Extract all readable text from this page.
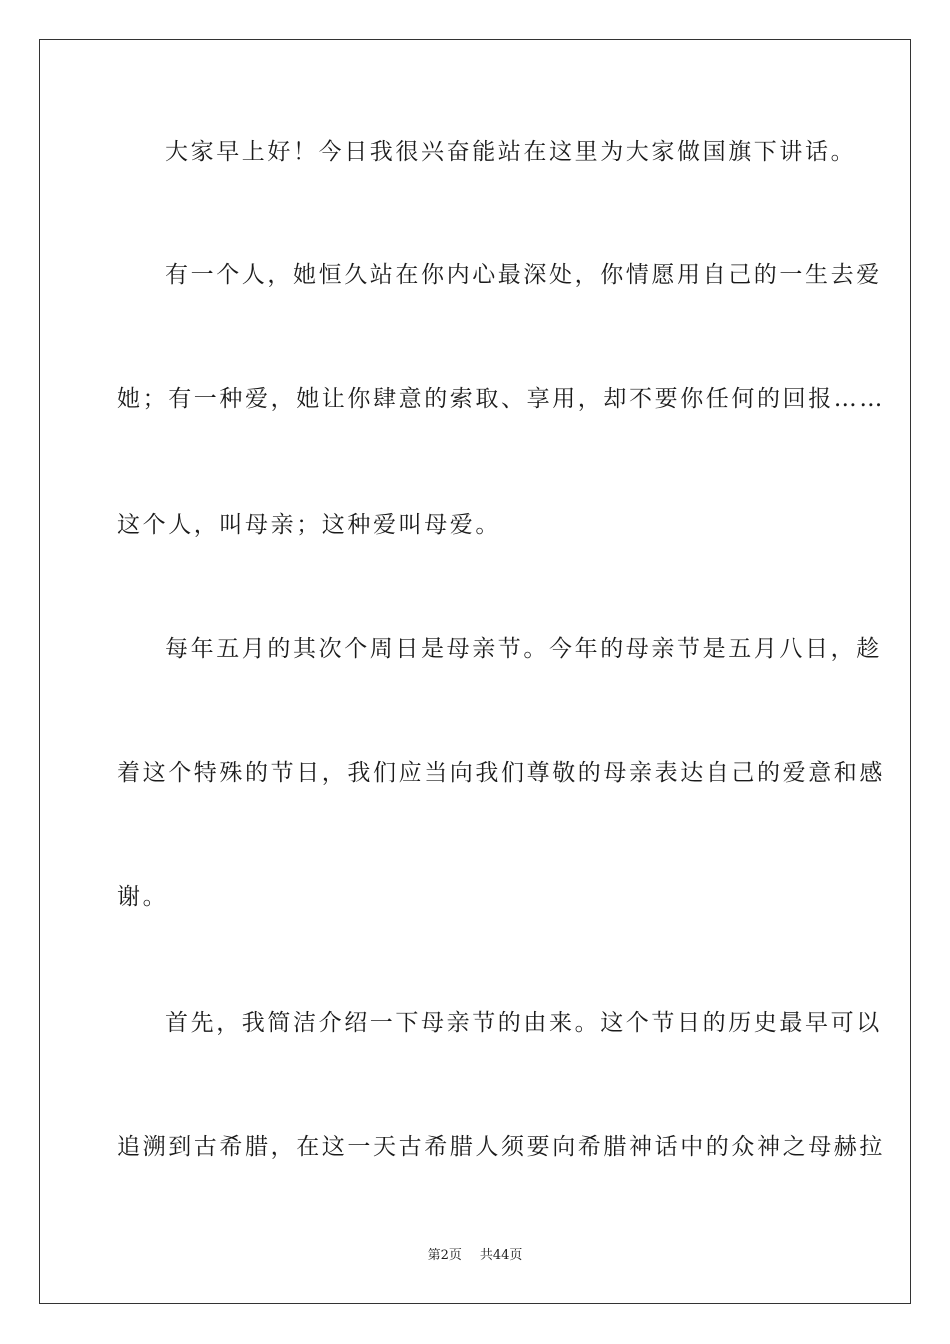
大家早上好！今日我很兴奋能站在这里为大家做国旗下讲话。
有一个人，她恒久站在你内心最深处，你情愿用自己的一生去爱
她；有一种爱，她让你肆意的索取、享用，却不要你任何的回报……
这个人，叫母亲；这种爱叫母爱。
每年五月的其次个周日是母亲节。今年的母亲节是五月八日，趁
着这个特殊的节日，我们应当向我们尊敬的母亲表达自己的爱意和感
谢。
首先，我简洁介绍一下母亲节的由来。这个节日的历史最早可以
追溯到古希腊，在这一天古希腊人须要向希腊神话中的众神之母赫拉
第2页 共44页
